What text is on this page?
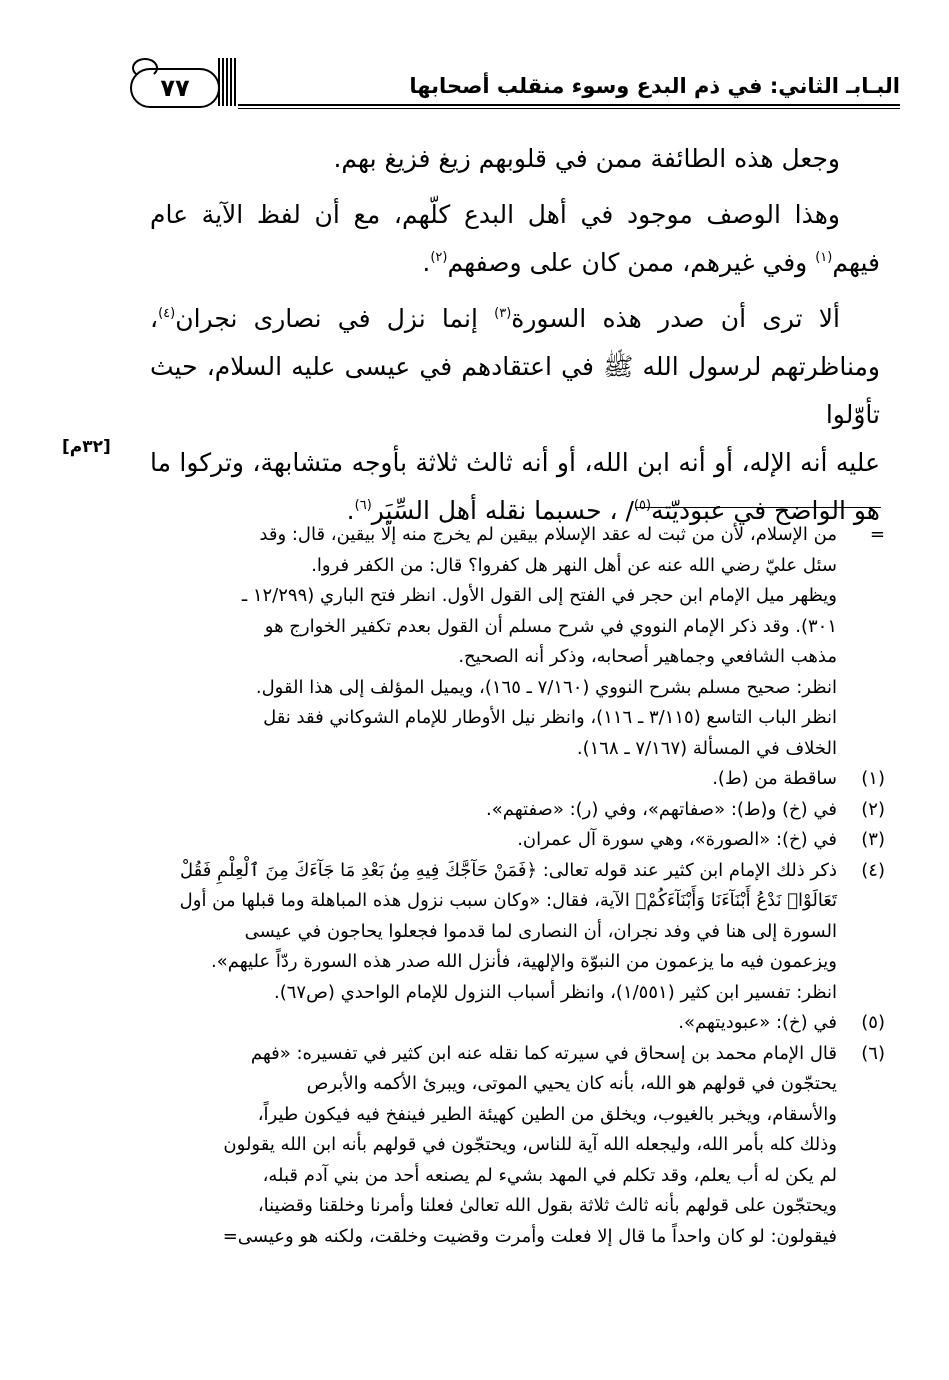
٧٧	البـابـ الثاني: في ذم البدع وسوء منقلب أصحابها

وجعل هذه الطائفة ممن في قلوبهم زيغ فزيغ بهم.

وهذا الوصف موجود في أهل البدع كلّهم، مع أن لفظ الآية عام

فيهم$^{(١)}$ وفي غيرهم، ممن كان على وصفهم$^{(٢)}$.

ألا ترى أن صدر هذه السورة$^{(٣)}$ إنما نزل في نصارى نجران$^{(٤)}$،

ومناظرتهم لرسول الله ﷺ في اعتقادهم في عيسى عليه السلام، حيث تأوّلوا

عليه أنه الإله، أو أنه ابن الله، أو أنه ثالث ثلاثة بأوجه متشابهة، وتركوا ما

هو الواضح في عبوديّته$^{(٥)}$/ ، حسبما نقله أهل السِّيَر$^{(٦)}$.

[٣٢م]
=
من الإسلام، لأن من ثبت له عقد الإسلام بيقين لم يخرج منه إلّا بيقين، قال: وقد
سئل عليّ رضي الله عنه عن أهل النهر هل كفروا؟ قال: من الكفر فروا.
ويظهر ميل الإمام ابن حجر في الفتح إلى القول الأول. انظر فتح الباري (١٢/٢٩٩ ـ
٣٠١). وقد ذكر الإمام النووي في شرح مسلم أن القول بعدم تكفير الخوارج هو
مذهب الشافعي وجماهير أصحابه، وذكر أنه الصحيح.
انظر: صحيح مسلم بشرح النووي (٧/١٦٠ ـ ١٦٥)، ويميل المؤلف إلى هذا القول.
انظر الباب التاسع (٣/١١٥ ـ ١١٦)، وانظر نيل الأوطار للإمام الشوكاني فقد نقل
الخلاف في المسألة (٧/١٦٧ ـ ١٦٨).
(١)
ساقطة من (ط).
(٢)
في (خ) و(ط): «صفاتهم»، وفي (ر): «صفتهم».
(٣)
في (خ): «الصورة»، وهي سورة آل عمران.
(٤)
ذكر ذلك الإمام ابن كثير عند قوله تعالى: ﴿فَمَنْ حَآجَّكَ فِيهِ مِنۢ بَعْدِ مَا جَآءَكَ مِنَ ٱلْعِلْمِ فَقُلْ
تَعَالَوْا۟ نَدْعُ أَبْنَآءَنَا وَأَبْنَآءَكُمْ﴾ الآية، فقال: «وكان سبب نزول هذه المباهلة وما قبلها من أول
السورة إلى هنا في وفد نجران، أن النصارى لما قدموا فجعلوا يحاجون في عيسى
ويزعمون فيه ما يزعمون من النبوّة والإلهية، فأنزل الله صدر هذه السورة ردّاً عليهم».
انظر: تفسير ابن كثير (١/٥٥١)، وانظر أسباب النزول للإمام الواحدي (ص٦٧).
(٥)
في (خ): «عبوديتهم».
(٦)
قال الإمام محمد بن إسحاق في سيرته كما نقله عنه ابن كثير في تفسيره: «فهم
يحتجّون في قولهم هو الله، بأنه كان يحيي الموتى، ويبرئ الأكمه والأبرص
والأسقام، ويخبر بالغيوب، ويخلق من الطين كهيئة الطير فينفخ فيه فيكون طيراً،
وذلك كله بأمر الله، وليجعله الله آية للناس، ويحتجّون في قولهم بأنه ابن الله يقولون
لم يكن له أب يعلم، وقد تكلم في المهد بشيء لم يصنعه أحد من بني آدم قبله،
ويحتجّون على قولهم بأنه ثالث ثلاثة بقول الله تعالىٰ فعلنا وأمرنا وخلقنا وقضينا،
فيقولون: لو كان واحداً ما قال إلا فعلت وأمرت وقضيت وخلقت، ولكنه هو وعيسى=
